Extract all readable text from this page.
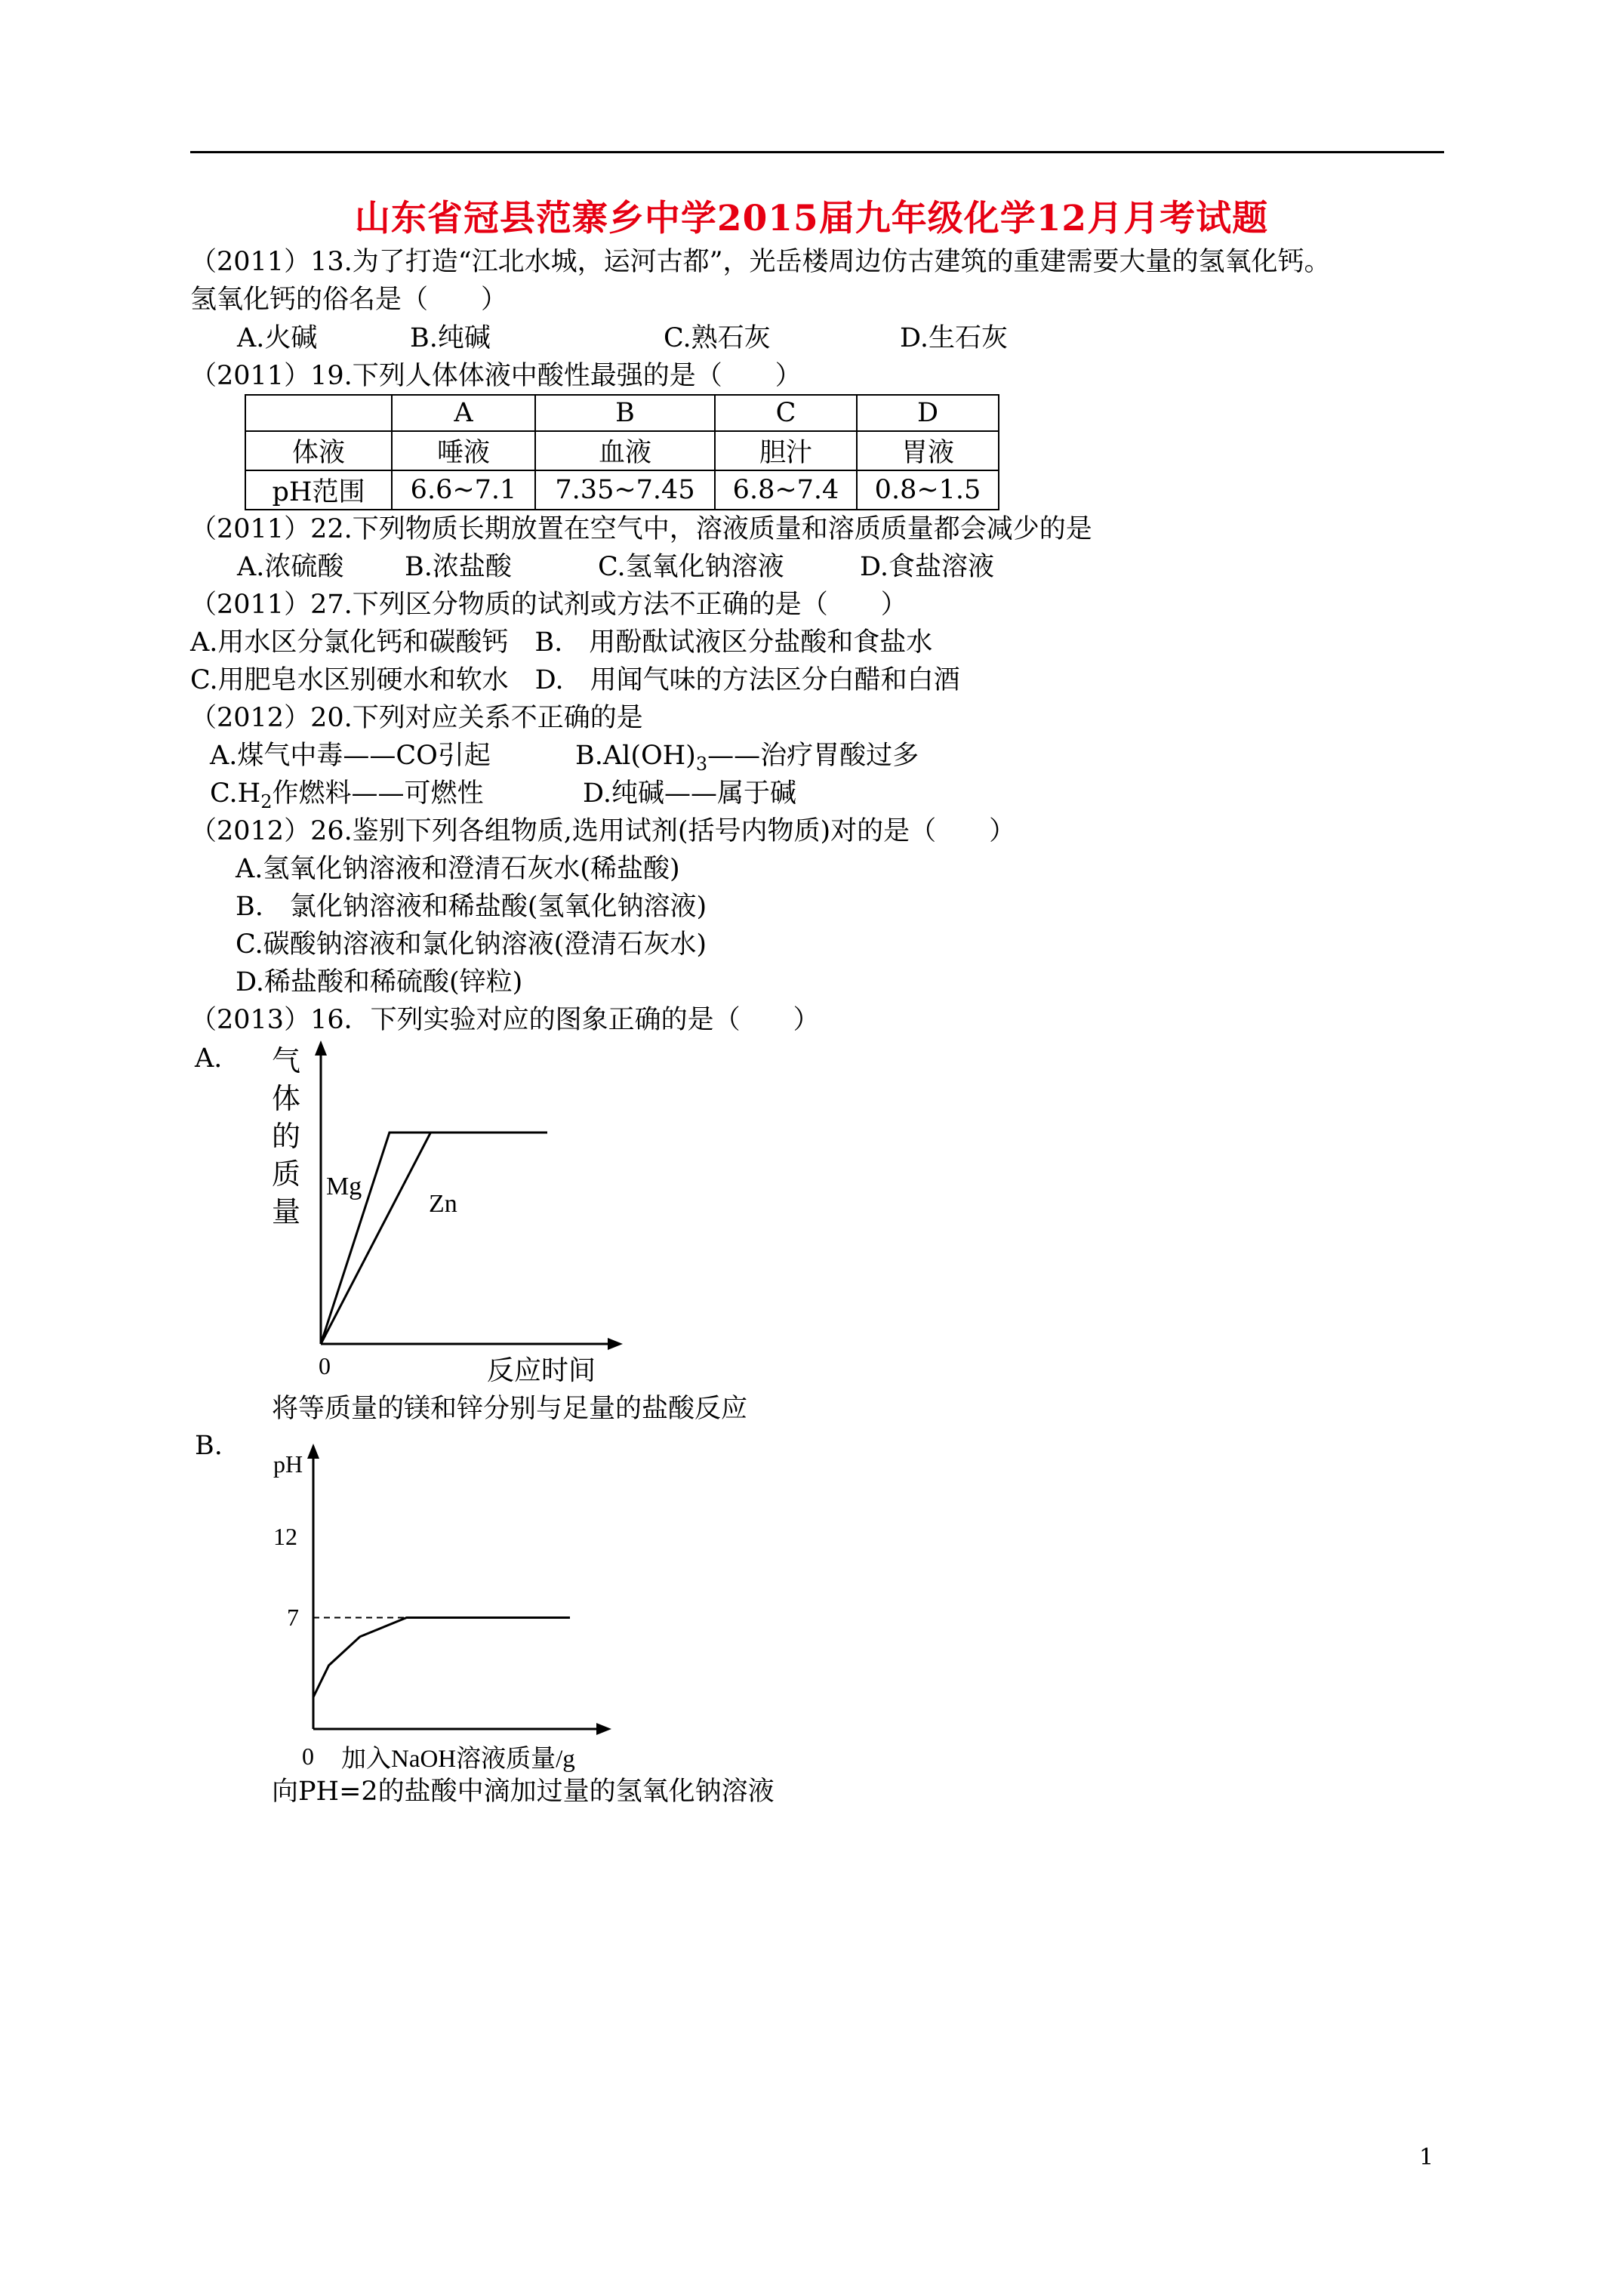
山东省冠县范寨乡中学2015届九年级化学12月月考试题
（2011）13.为了打造“江北水城，运河古都”，光岳楼周边仿古建筑的重建需要大量的氢氧化钙。
氢氧化钙的俗名是（　　）
A.火碱	B.纯碱	C.熟石灰	D.生石灰
（2011）19.下列人体体液中酸性最强的是（　　）
	A	B	C	D
体液	唾液	血液	胆汁	胃液
pH范围	6.6~7.1	7.35~7.45	6.8~7.4	0.8~1.5
（2011）22.下列物质长期放置在空气中，溶液质量和溶质质量都会减少的是
A.浓硫酸 B.浓盐酸	C.氢氧化钠溶液	D.食盐溶液
（2011）27.下列区分物质的试剂或方法不正确的是（　　）
A.用水区分氯化钙和碳酸钙　B.　用酚酞试液区分盐酸和食盐水
C.用肥皂水区别硬水和软水　D.　用闻气味的方法区分白醋和白酒
（2012）20.下列对应关系不正确的是
A.煤气中毒——CO引起	$B.Al(OH)_3——$治疗胃酸过多
$C.H_2$作燃料——可燃性	D.纯碱——属于碱
（2012）26.鉴别下列各组物质,选用试剂(括号内物质)对的是（　　）
A.氢氧化钠溶液和澄清石灰水(稀盐酸)
B.　氯化钠溶液和稀盐酸(氢氧化钠溶液)
C.碳酸钠溶液和氯化钠溶液(澄清石灰水)
D.稀盐酸和稀硫酸(锌粒)
（2013）16．下列实验对应的图象正确的是（　　）
A. 气
体
的
质
量
0	反应时间
Mg
Zn
将等质量的镁和锌分别与足量的盐酸反应
B.
pH
12
7
0 加入NaOH溶液质量/g
向PH=2的盐酸中滴加过量的氢氧化钠溶液
1
